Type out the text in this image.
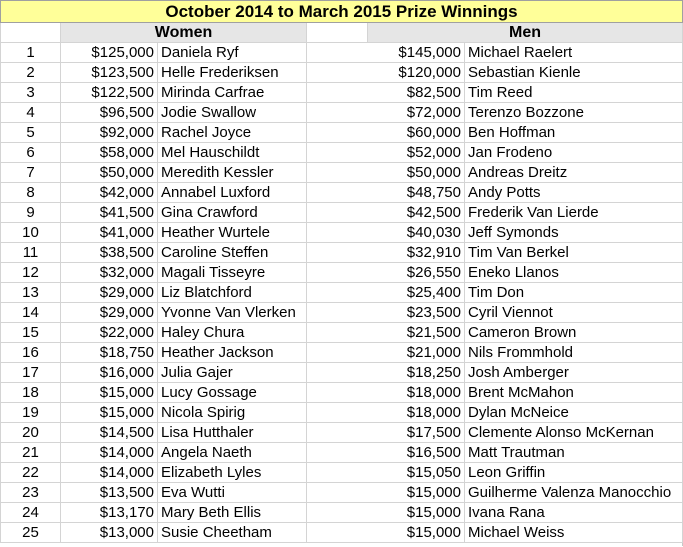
October 2014 to March 2015 Prize Winnings					
	Women			Men	
1	$125,000	Daniela Ryf	$145,000		Michael Raelert
2	$123,500	Helle Frederiksen	$120,000		Sebastian Kienle
3	$122,500	Mirinda Carfrae	$82,500		Tim Reed
4	$96,500	Jodie Swallow	$72,000		Terenzo Bozzone
5	$92,000	Rachel Joyce	$60,000		Ben Hoffman
6	$58,000	Mel Hauschildt	$52,000		Jan Frodeno
7	$50,000	Meredith Kessler	$50,000		Andreas Dreitz
8	$42,000	Annabel Luxford	$48,750		Andy Potts
9	$41,500	Gina Crawford	$42,500		Frederik Van Lierde
10	$41,000	Heather Wurtele	$40,030		Jeff Symonds
11	$38,500	Caroline Steffen	$32,910		Tim Van Berkel
12	$32,000	Magali Tisseyre	$26,550		Eneko Llanos
13	$29,000	Liz Blatchford	$25,400		Tim Don
14	$29,000	Yvonne Van Vlerken	$23,500		Cyril Viennot
15	$22,000	Haley Chura	$21,500		Cameron Brown
16	$18,750	Heather Jackson	$21,000		Nils Frommhold
17	$16,000	Julia Gajer	$18,250		Josh Amberger
18	$15,000	Lucy Gossage	$18,000		Brent McMahon
19	$15,000	Nicola Spirig	$18,000		Dylan McNeice
20	$14,500	Lisa Hutthaler	$17,500		Clemente Alonso McKernan
21	$14,000	Angela Naeth	$16,500		Matt Trautman
22	$14,000	Elizabeth Lyles	$15,050		Leon Griffin
23	$13,500	Eva Wutti	$15,000		Guilherme Valenza Manocchio
24	$13,170	Mary Beth Ellis	$15,000		Ivana Rana
25	$13,000	Susie Cheetham	$15,000		Michael Weiss
